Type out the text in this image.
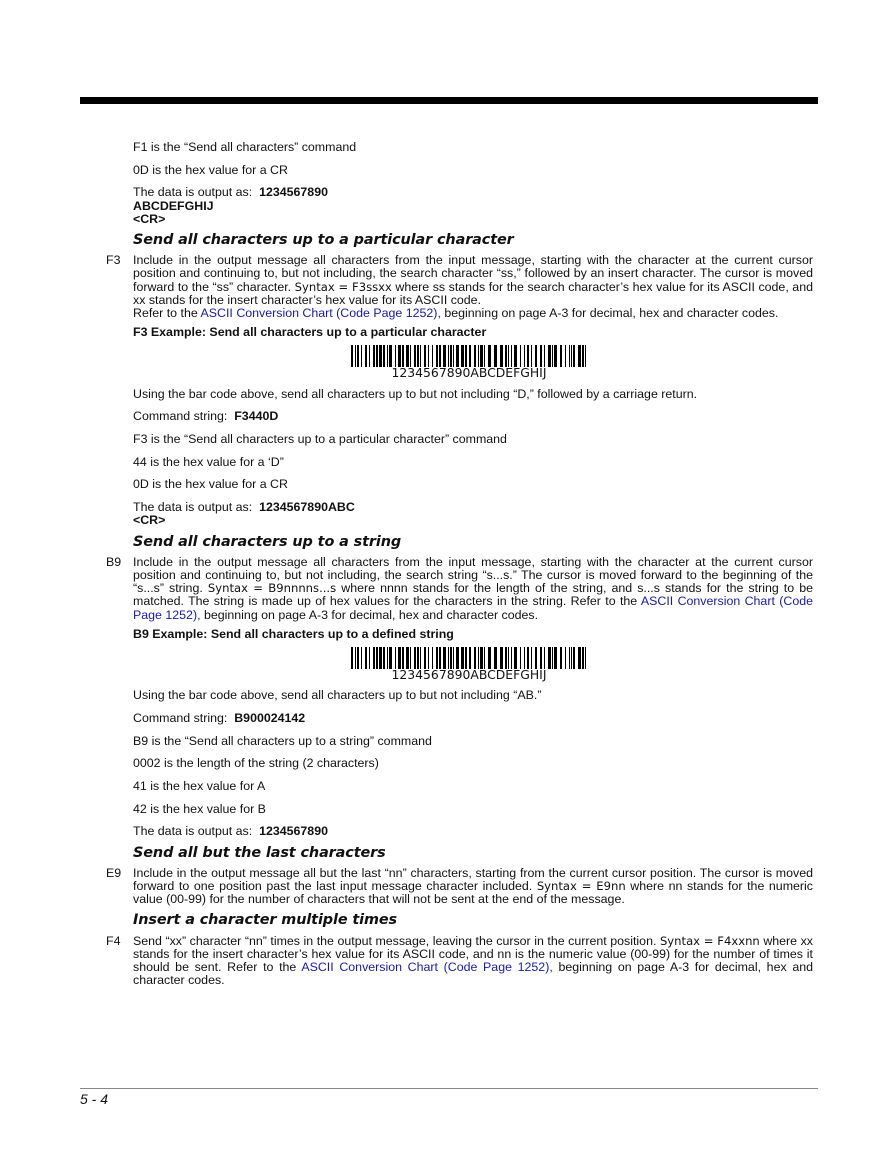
F1 is the “Send all characters” command
0D is the hex value for a CR
The data is output as: 1234567890
ABCDEFGHIJ
<CR>
Send all characters up to a particular character
F3 Include in the output message all characters from the input message, starting with the character at the current cursor position and continuing to, but not including, the search character “ss,” followed by an insert character. The cursor is moved forward to the “ss” character. Syntax = F3ssxx where ss stands for the search character’s hex value for its ASCII code, and xx stands for the insert character’s hex value for its ASCII code.

Refer to the ASCII Conversion Chart (Code Page 1252), beginning on page A-3 for decimal, hex and character codes.

F3 Example: Send all characters up to a particular character
1234567890ABCDEFGHIJ
Using the bar code above, send all characters up to but not including “D,” followed by a carriage return.
Command string: F3440D
F3 is the “Send all characters up to a particular character” command
44 is the hex value for a ‘D”
0D is the hex value for a CR
The data is output as: 1234567890ABC
<CR>
Send all characters up to a string
B9 Include in the output message all characters from the input message, starting with the character at the current cursor position and continuing to, but not including, the search string “s...s.” The cursor is moved forward to the beginning of the “s...s” string. Syntax = B9nnnns...s where nnnn stands for the length of the string, and s...s stands for the string to be matched. The string is made up of hex values for the characters in the string. Refer to the ASCII Conversion Chart (Code Page 1252), beginning on page A-3 for decimal, hex and character codes.

B9 Example: Send all characters up to a defined string
1234567890ABCDEFGHIJ
Using the bar code above, send all characters up to but not including “AB.”
Command string: B900024142
B9 is the “Send all characters up to a string” command
0002 is the length of the string (2 characters)
41 is the hex value for A
42 is the hex value for B
The data is output as: 1234567890
Send all but the last characters
E9 Include in the output message all but the last “nn” characters, starting from the current cursor position. The cursor is moved forward to one position past the last input message character included. Syntax = E9nn where nn stands for the numeric value (00-99) for the number of characters that will not be sent at the end of the message.

Insert a character multiple times
F4 Send “xx” character “nn” times in the output message, leaving the cursor in the current position. Syntax = F4xxnn where xx stands for the insert character’s hex value for its ASCII code, and nn is the numeric value (00-99) for the number of times it should be sent. Refer to the ASCII Conversion Chart (Code Page 1252), beginning on page A-3 for decimal, hex and character codes.

5 - 4
